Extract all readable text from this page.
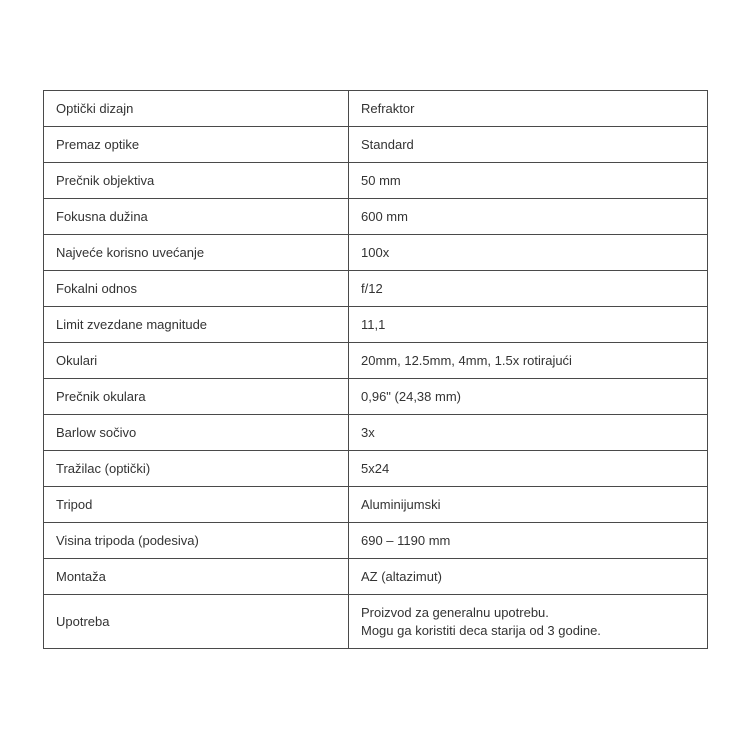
Optički dizajn	Refraktor

Premaz optike	Standard

Prečnik objektiva	50 mm

Fokusna dužina	600 mm

Najveće korisno uvećanje	100x

Fokalni odnos	f/12

Limit zvezdane magnitude	11,1

Okulari	20mm, 12.5mm, 4mm, 1.5x rotirajući

Prečnik okulara	0,96" (24,38 mm)

Barlow sočivo	3x

Tražilac (optički)	5x24

Tripod	Aluminijumski

Visina tripoda (podesiva)	690 – 1190 mm

Montaža	AZ (altazimut)

Upotreba	Proizvod za generalnu upotrebu.
Mogu ga koristiti deca starija od 3 godine.
